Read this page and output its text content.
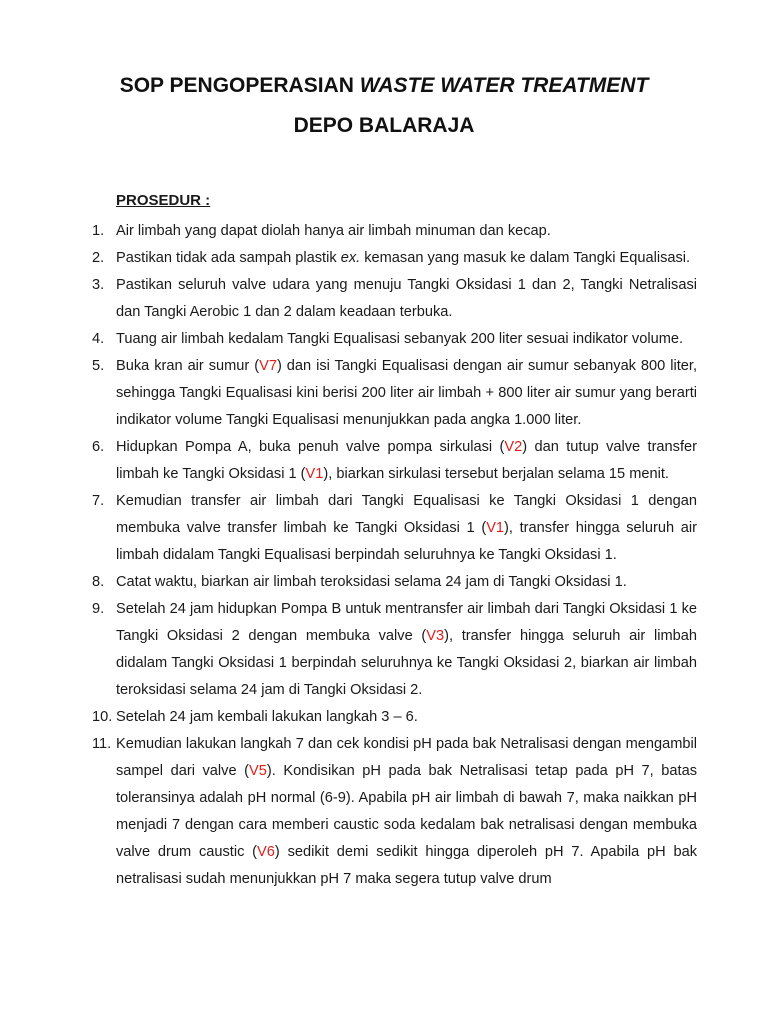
SOP PENGOPERASIAN WASTE WATER TREATMENT
DEPO BALARAJA
PROSEDUR :
1. Air limbah yang dapat diolah hanya air limbah minuman dan kecap.
2. Pastikan tidak ada sampah plastik ex. kemasan yang masuk ke dalam Tangki Equalisasi.
3. Pastikan seluruh valve udara yang menuju Tangki Oksidasi 1 dan 2, Tangki Netralisasi dan Tangki Aerobic 1 dan 2 dalam keadaan terbuka.
4. Tuang air limbah kedalam Tangki Equalisasi sebanyak 200 liter sesuai indikator volume.
5. Buka kran air sumur (V7) dan isi Tangki Equalisasi dengan air sumur sebanyak 800 liter, sehingga Tangki Equalisasi kini berisi 200 liter air limbah + 800 liter air sumur yang berarti indikator volume Tangki Equalisasi menunjukkan pada angka 1.000 liter.
6. Hidupkan Pompa A, buka penuh valve pompa sirkulasi (V2) dan tutup valve transfer limbah ke Tangki Oksidasi 1 (V1), biarkan sirkulasi tersebut berjalan selama 15 menit.
7. Kemudian transfer air limbah dari Tangki Equalisasi ke Tangki Oksidasi 1 dengan membuka valve transfer limbah ke Tangki Oksidasi 1 (V1), transfer hingga seluruh air limbah didalam Tangki Equalisasi berpindah seluruhnya ke Tangki Oksidasi 1.
8. Catat waktu, biarkan air limbah teroksidasi selama 24 jam di Tangki Oksidasi 1.
9. Setelah 24 jam hidupkan Pompa B untuk mentransfer air limbah dari Tangki Oksidasi 1 ke Tangki Oksidasi 2 dengan membuka valve (V3), transfer hingga seluruh air limbah didalam Tangki Oksidasi 1 berpindah seluruhnya ke Tangki Oksidasi 2, biarkan air limbah teroksidasi selama 24 jam di Tangki Oksidasi 2.
10. Setelah 24 jam kembali lakukan langkah 3 – 6.
11. Kemudian lakukan langkah 7 dan cek kondisi pH pada bak Netralisasi dengan mengambil sampel dari valve (V5). Kondisikan pH pada bak Netralisasi tetap pada pH 7, batas toleransinya adalah pH normal (6-9). Apabila pH air limbah di bawah 7, maka naikkan pH menjadi 7 dengan cara memberi caustic soda kedalam bak netralisasi dengan membuka valve drum caustic (V6) sedikit demi sedikit hingga diperoleh pH 7. Apabila pH bak netralisasi sudah menunjukkan pH 7 maka segera tutup valve drum
